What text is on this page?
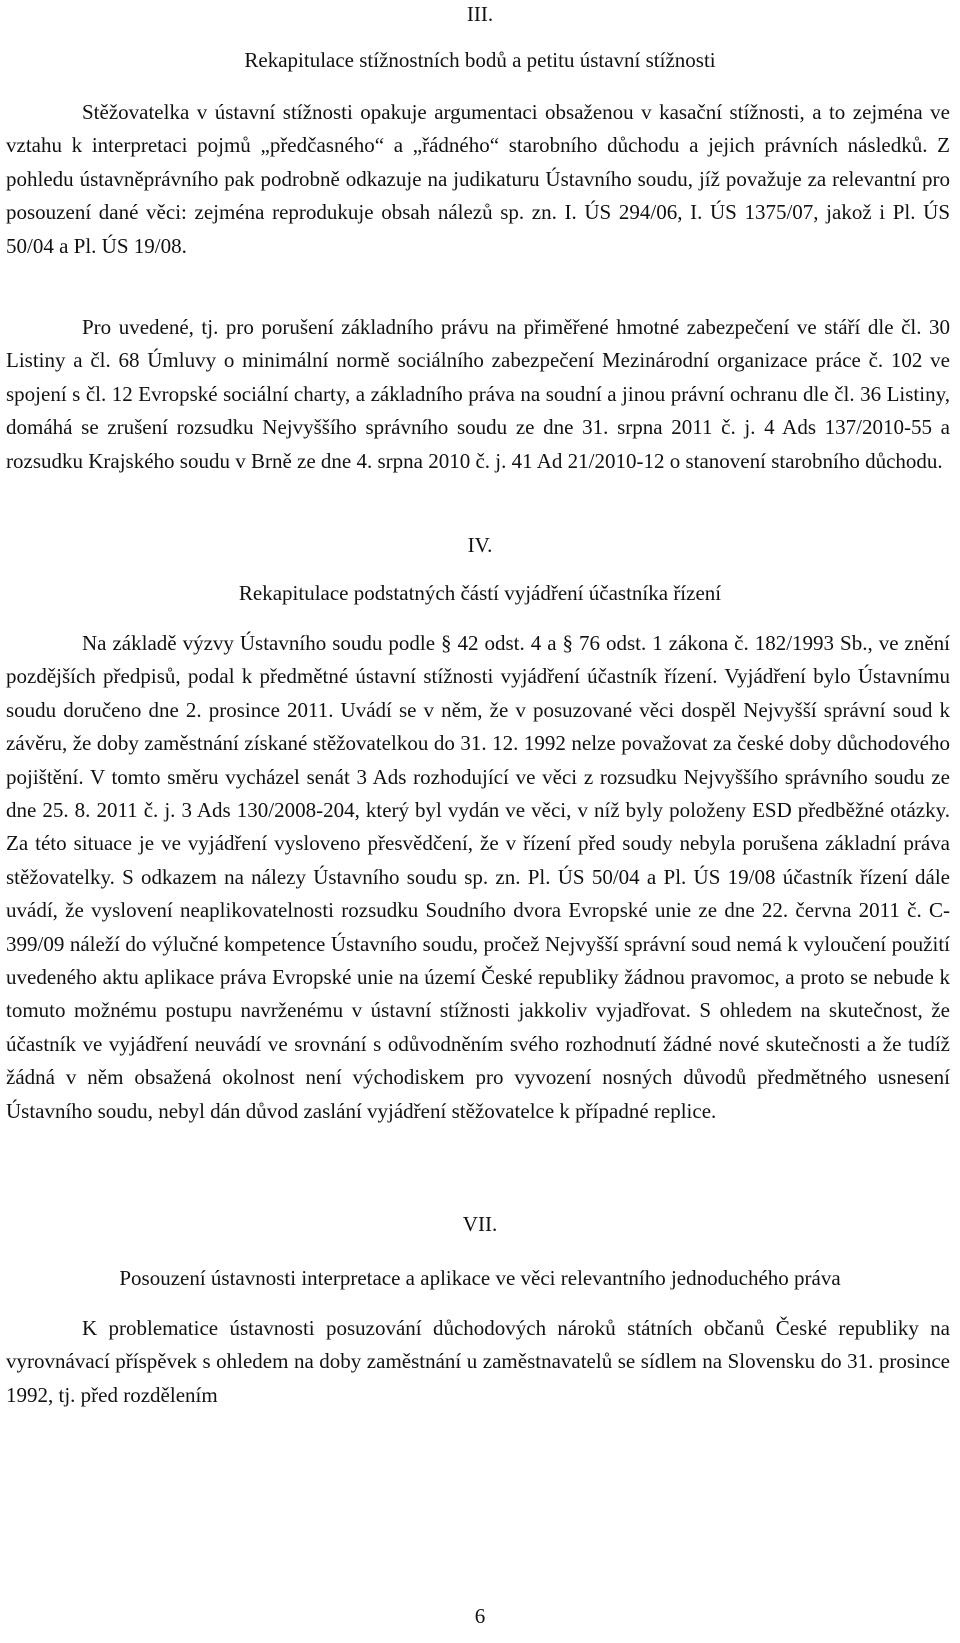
III.
Rekapitulace stížnostních bodů a petitu ústavní stížnosti

Stěžovatelka v ústavní stížnosti opakuje argumentaci obsaženou v kasační stížnosti, a to zejména ve vztahu k interpretaci pojmů „předčasného“ a „řádného“ starobního důchodu a jejich právních následků. Z pohledu ústavněprávního pak podrobně odkazuje na judikaturu Ústavního soudu, jíž považuje za relevantní pro posouzení dané věci: zejména reprodukuje obsah nálezů sp. zn. I. ÚS 294/06, I. ÚS 1375/07, jakož i Pl. ÚS 50/04 a Pl. ÚS 19/08.

Pro uvedené, tj. pro porušení základního právu na přiměřené hmotné zabezpečení ve stáří dle čl. 30 Listiny a čl. 68 Úmluvy o minimální normě sociálního zabezpečení Mezinárodní organizace práce č. 102 ve spojení s čl. 12 Evropské sociální charty, a základního práva na soudní a jinou právní ochranu dle čl. 36 Listiny, domáhá se zrušení rozsudku Nejvyššího správního soudu ze dne 31. srpna 2011 č. j. 4 Ads 137/2010-55 a rozsudku Krajského soudu v Brně ze dne 4. srpna 2010 č. j. 41 Ad 21/2010-12 o stanovení starobního důchodu.

IV.
Rekapitulace podstatných částí vyjádření účastníka řízení

Na základě výzvy Ústavního soudu podle § 42 odst. 4 a § 76 odst. 1 zákona č. 182/1993 Sb., ve znění pozdějších předpisů, podal k předmětné ústavní stížnosti vyjádření účastník řízení. Vyjádření bylo Ústavnímu soudu doručeno dne 2. prosince 2011. Uvádí se v něm, že v posuzované věci dospěl Nejvyšší správní soud k závěru, že doby zaměstnání získané stěžovatelkou do 31. 12. 1992 nelze považovat za české doby důchodového pojištění. V tomto směru vycházel senát 3 Ads rozhodující ve věci z rozsudku Nejvyššího správního soudu ze dne 25. 8. 2011 č. j. 3 Ads 130/2008-204, který byl vydán ve věci, v níž byly položeny ESD předběžné otázky. Za této situace je ve vyjádření vysloveno přesvědčení, že v řízení před soudy nebyla porušena základní práva stěžovatelky. S odkazem na nálezy Ústavního soudu sp. zn. Pl. ÚS 50/04 a Pl. ÚS 19/08 účastník řízení dále uvádí, že vyslovení neaplikovatelnosti rozsudku Soudního dvora Evropské unie ze dne 22. června 2011 č. C-399/09 náleží do výlučné kompetence Ústavního soudu, pročež Nejvyšší správní soud nemá k vyloučení použití uvedeného aktu aplikace práva Evropské unie na území České republiky žádnou pravomoc, a proto se nebude k tomuto možnému postupu navrženému v ústavní stížnosti jakkoliv vyjadřovat. S ohledem na skutečnost, že účastník ve vyjádření neuvádí ve srovnání s odůvodněním svého rozhodnutí žádné nové skutečnosti a že tudíž žádná v něm obsažená okolnost není východiskem pro vyvození nosných důvodů předmětného usnesení Ústavního soudu, nebyl dán důvod zaslání vyjádření stěžovatelce k případné replice.

VII.
Posouzení ústavnosti interpretace a aplikace ve věci relevantního jednoduchého práva

K problematice ústavnosti posuzování důchodových nároků státních občanů České republiky na vyrovnávací příspěvek s ohledem na doby zaměstnání u zaměstnavatelů se sídlem na Slovensku do 31. prosince 1992, tj. před rozdělením

6
